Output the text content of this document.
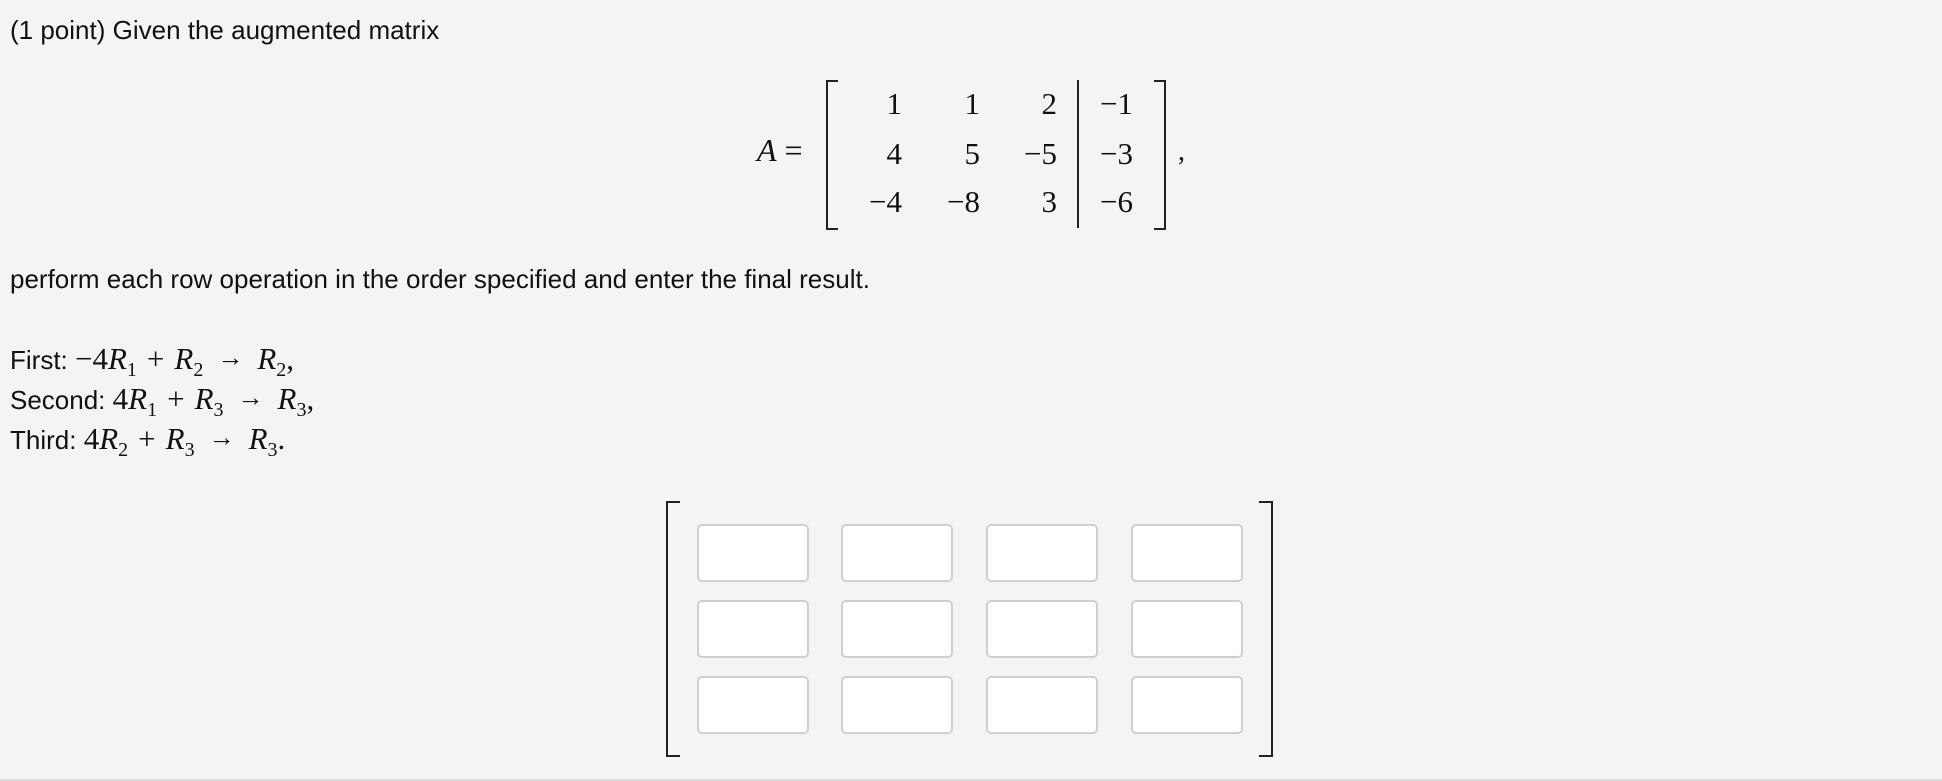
(1 point) Given the augmented matrix
A =
1	1	2	−1
4	5	−5	−3
−4	−8	3	−6
,
perform each row operation in the order specified and enter the final result.
First: $-4R_1 + R_2 \to R_2$,
Second: $4R_1 + R_3 \to R_3$,
Third: $4R_2 + R_3 \to R_3$.
